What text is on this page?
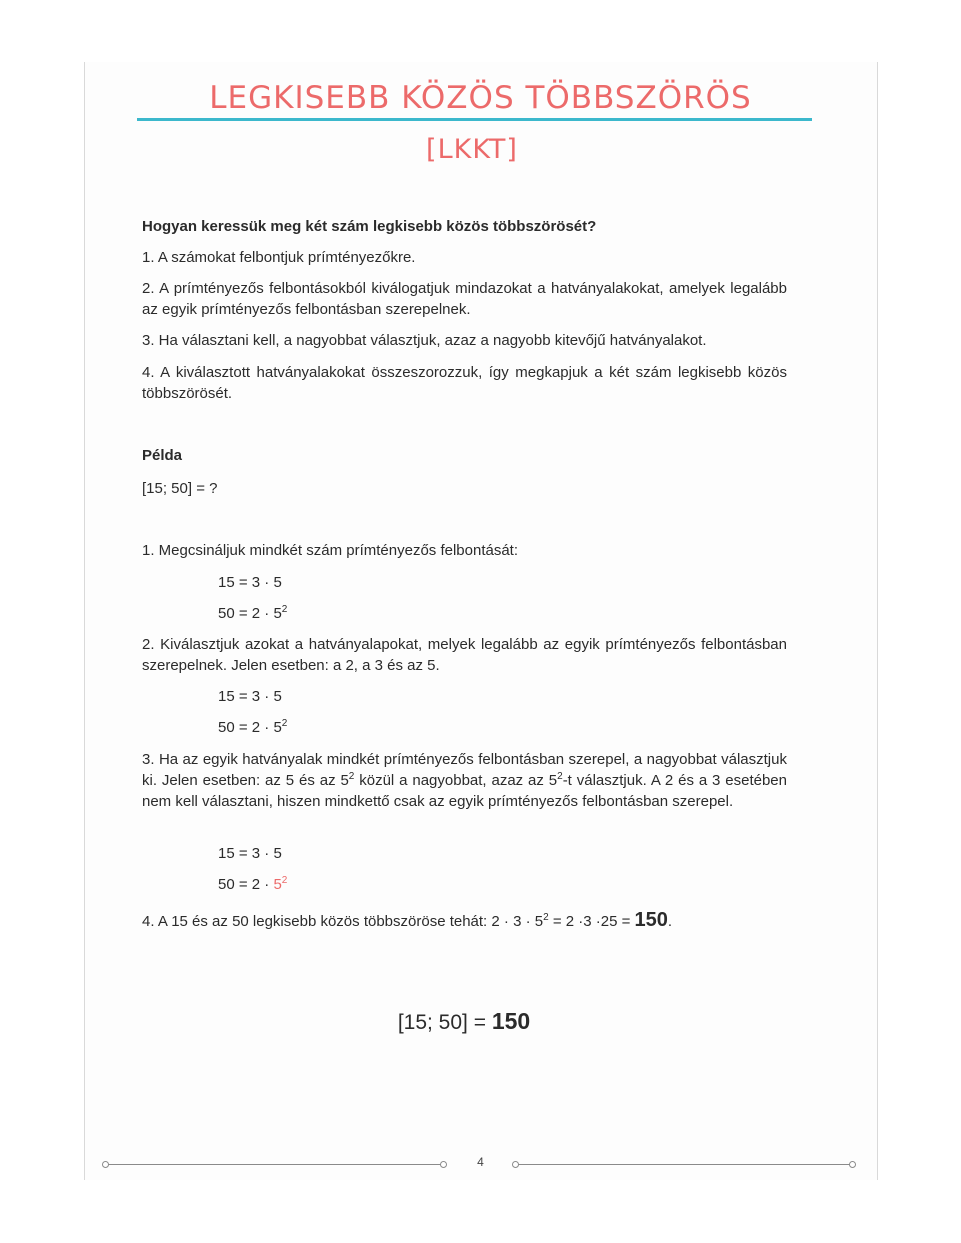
LEGKISEBB KÖZÖS TÖBBSZÖRÖS
[LKKT]
Hogyan keressük meg két szám legkisebb közös többszörösét?
1. A számokat felbontjuk prímtényezőkre.
2. A prímtényezős felbontásokból kiválogatjuk mindazokat a hatványalakokat, amelyek legalább az egyik prímtényezős felbontásban szerepelnek.
3. Ha választani kell, a nagyobbat választjuk, azaz a nagyobb kitevőjű hatványalakot.
4. A kiválasztott hatványalakokat összeszorozzuk, így megkapjuk a két szám legkisebb közös többszörösét.
Példa
[15; 50] = ?
1. Megcsináljuk mindkét szám prímtényezős felbontását:
15 = 3 · 5
$50 = 2 \cdot 5^2$
2. Kiválasztjuk azokat a hatványalapokat, melyek legalább az egyik prímtényezős felbontásban szerepelnek. Jelen esetben: a 2, a 3 és az 5.
15 = 3 · 5
$50 = 2 \cdot 5^2$
3. Ha az egyik hatványalak mindkét prímtényezős felbontásban szerepel, a nagyobbat választjuk ki. Jelen esetben: az 5 és az $5^2$ közül a nagyobbat, azaz az $5^2-t$ választjuk. A 2 és a 3 esetében nem kell választani, hiszen mindkettő csak az egyik prímtényezős felbontásban szerepel.
15 = 3 · 5
$50 = 2 \cdot 5^2$
4. A 15 és az 50 legkisebb közös többszöröse tehát: $2 \cdot 3 \cdot 5^2 = 2 \cdot 3 \cdot 25 = 150$.
[15; 50] = 150
4
